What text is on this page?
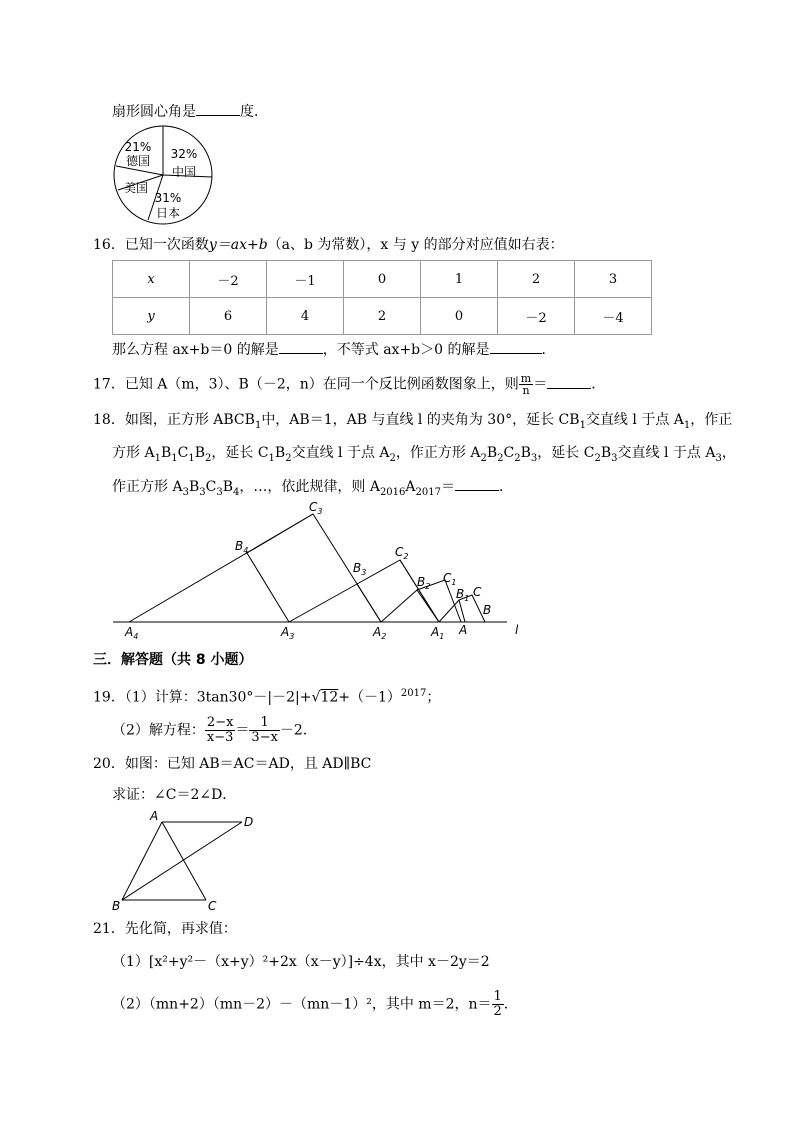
扇形圆心角是	度．
21%
德国 32%
中国
美国
31%
日本
16．已知一次函数y＝ax+b（a、b 为常数），x 与 y 的部分对应值如右表：
x	－2	－1	0	1	2	3
y	6	4	2	0	－2	－4
那么方程 ax+b＝0 的解是	，不等式 ax+b＞0 的解是	．
17．已知 A（m，3）、B（－2，n）在同一个反比例函数图象上，则 $\frac{m}{n}$ ＝	．
18．如图，正方形 $ABCB_1$中，AB＝1，AB 与直线 l 的夹角为 30°，延长 $CB_1$交直线 l 于点 $A_1$，作正
方形 $A_1B_1C_1B_2$，延长 $C_1B_2$交直线 l 于点 $A_2$，作正方形 $A_2B_2C_2B_3$，延长 $C_2B_3$交直线 l 于点 $A_3$，
作正方形 $A_3B_3C_3B_4$，…，依此规律，则 $A_{2016}A_{2017}=$	．
$C_3$
$B_4$	$C_2$
$B_3$
$B_2$
$C_1$
$B_1$ C
B
$A_4$	$A_3$	$A_2$	$A_1$ A	l
三．解答题（共 8 小题）
19．（1）计算：$3\tan 30^\circ-|-2|+√12+(-1)^{2017}$；
（2）解方程： $\frac{2-x}{x-3} = \frac{1}{3-x} -2$．
20．如图：已知 AB＝AC＝AD，且 AD∥BC
求证：∠C＝2∠D．
A	D
B	C
21．先化简，再求值：
（1）[x²+y²－（x+y）²+2x（x－y）]÷4x，其中 x－2y＝2
（2）（mn+2）（mn－2）－（mn－1）²，其中 m＝2，$n= \frac{1}{2}$ ．
